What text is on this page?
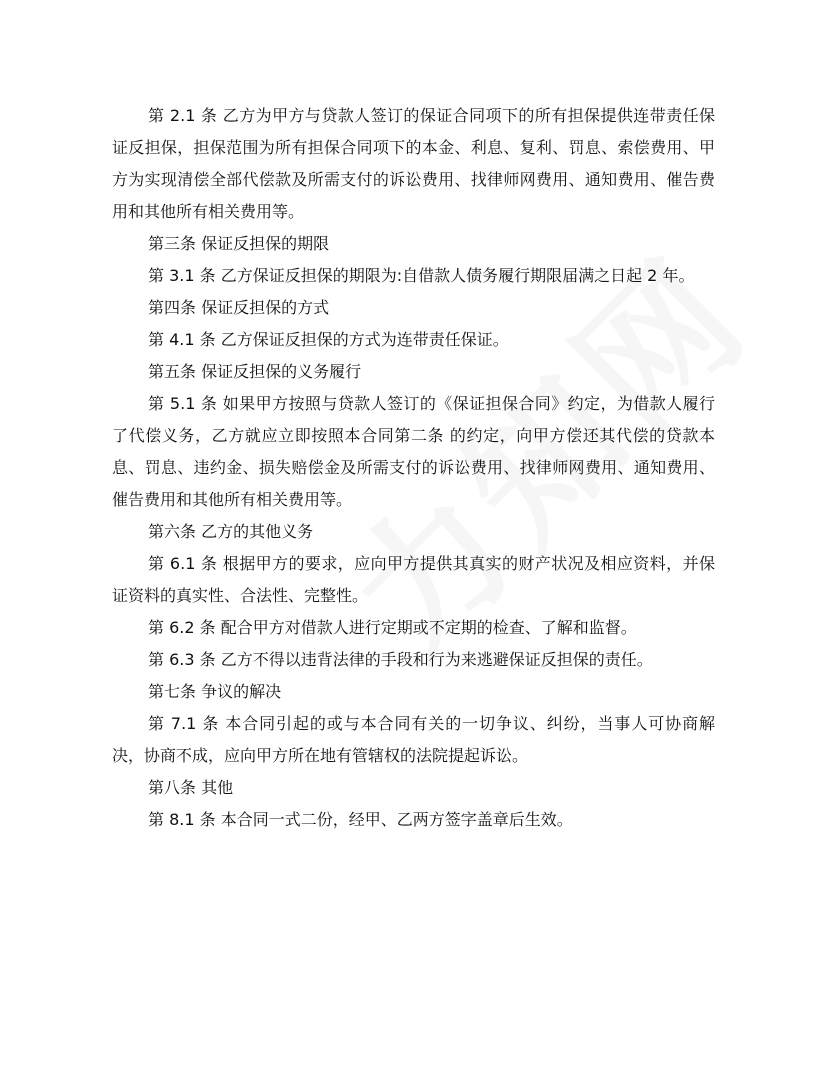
第 2.1 条 乙方为甲方与贷款人签订的保证合同项下的所有担保提供连带责任保证反担保，担保范围为所有担保合同项下的本金、利息、复利、罚息、索偿费用、甲方为实现清偿全部代偿款及所需支付的诉讼费用、找律师网费用、通知费用、催告费用和其他所有相关费用等。

第三条 保证反担保的期限

第 3.1 条 乙方保证反担保的期限为:自借款人债务履行期限届满之日起 2 年。

第四条 保证反担保的方式

第 4.1 条 乙方保证反担保的方式为连带责任保证。

第五条 保证反担保的义务履行

第 5.1 条 如果甲方按照与贷款人签订的《保证担保合同》约定，为借款人履行了代偿义务，乙方就应立即按照本合同第二条 的约定，向甲方偿还其代偿的贷款本息、罚息、违约金、损失赔偿金及所需支付的诉讼费用、找律师网费用、通知费用、催告费用和其他所有相关费用等。

第六条 乙方的其他义务

第 6.1 条 根据甲方的要求，应向甲方提供其真实的财产状况及相应资料，并保证资料的真实性、合法性、完整性。

第 6.2 条 配合甲方对借款人进行定期或不定期的检查、了解和监督。

第 6.3 条 乙方不得以违背法律的手段和行为来逃避保证反担保的责任。

第七条 争议的解决

第 7.1 条 本合同引起的或与本合同有关的一切争议、纠纷，当事人可协商解决，协商不成，应向甲方所在地有管辖权的法院提起诉讼。

第八条 其他

第 8.1 条 本合同一式二份，经甲、乙两方签字盖章后生效。
